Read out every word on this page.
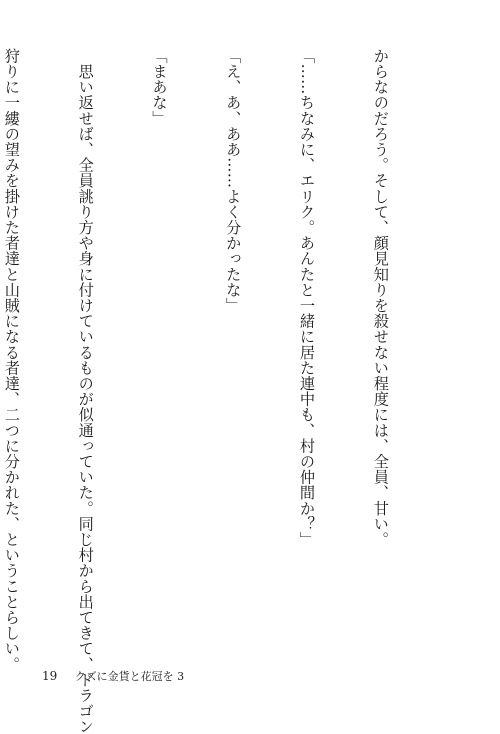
からなのだろう。そして、顔見知りを殺せない程度には、全員、甘い。

「……ちなみに、エリク。あんたと一緒に居た連中も、村の仲間か？」

「え、あ、ああ……よく分かったな」

「まあな」

　思い返せば、全員誂り方や身に付けているものが似通っていた。同じ村から出てきて、ドラゴン

狩りに一縷の望みを掛けた者達と山賊になる者達、二つに分かれた、ということらしい。

19 クズに金貨と花冠を 3
